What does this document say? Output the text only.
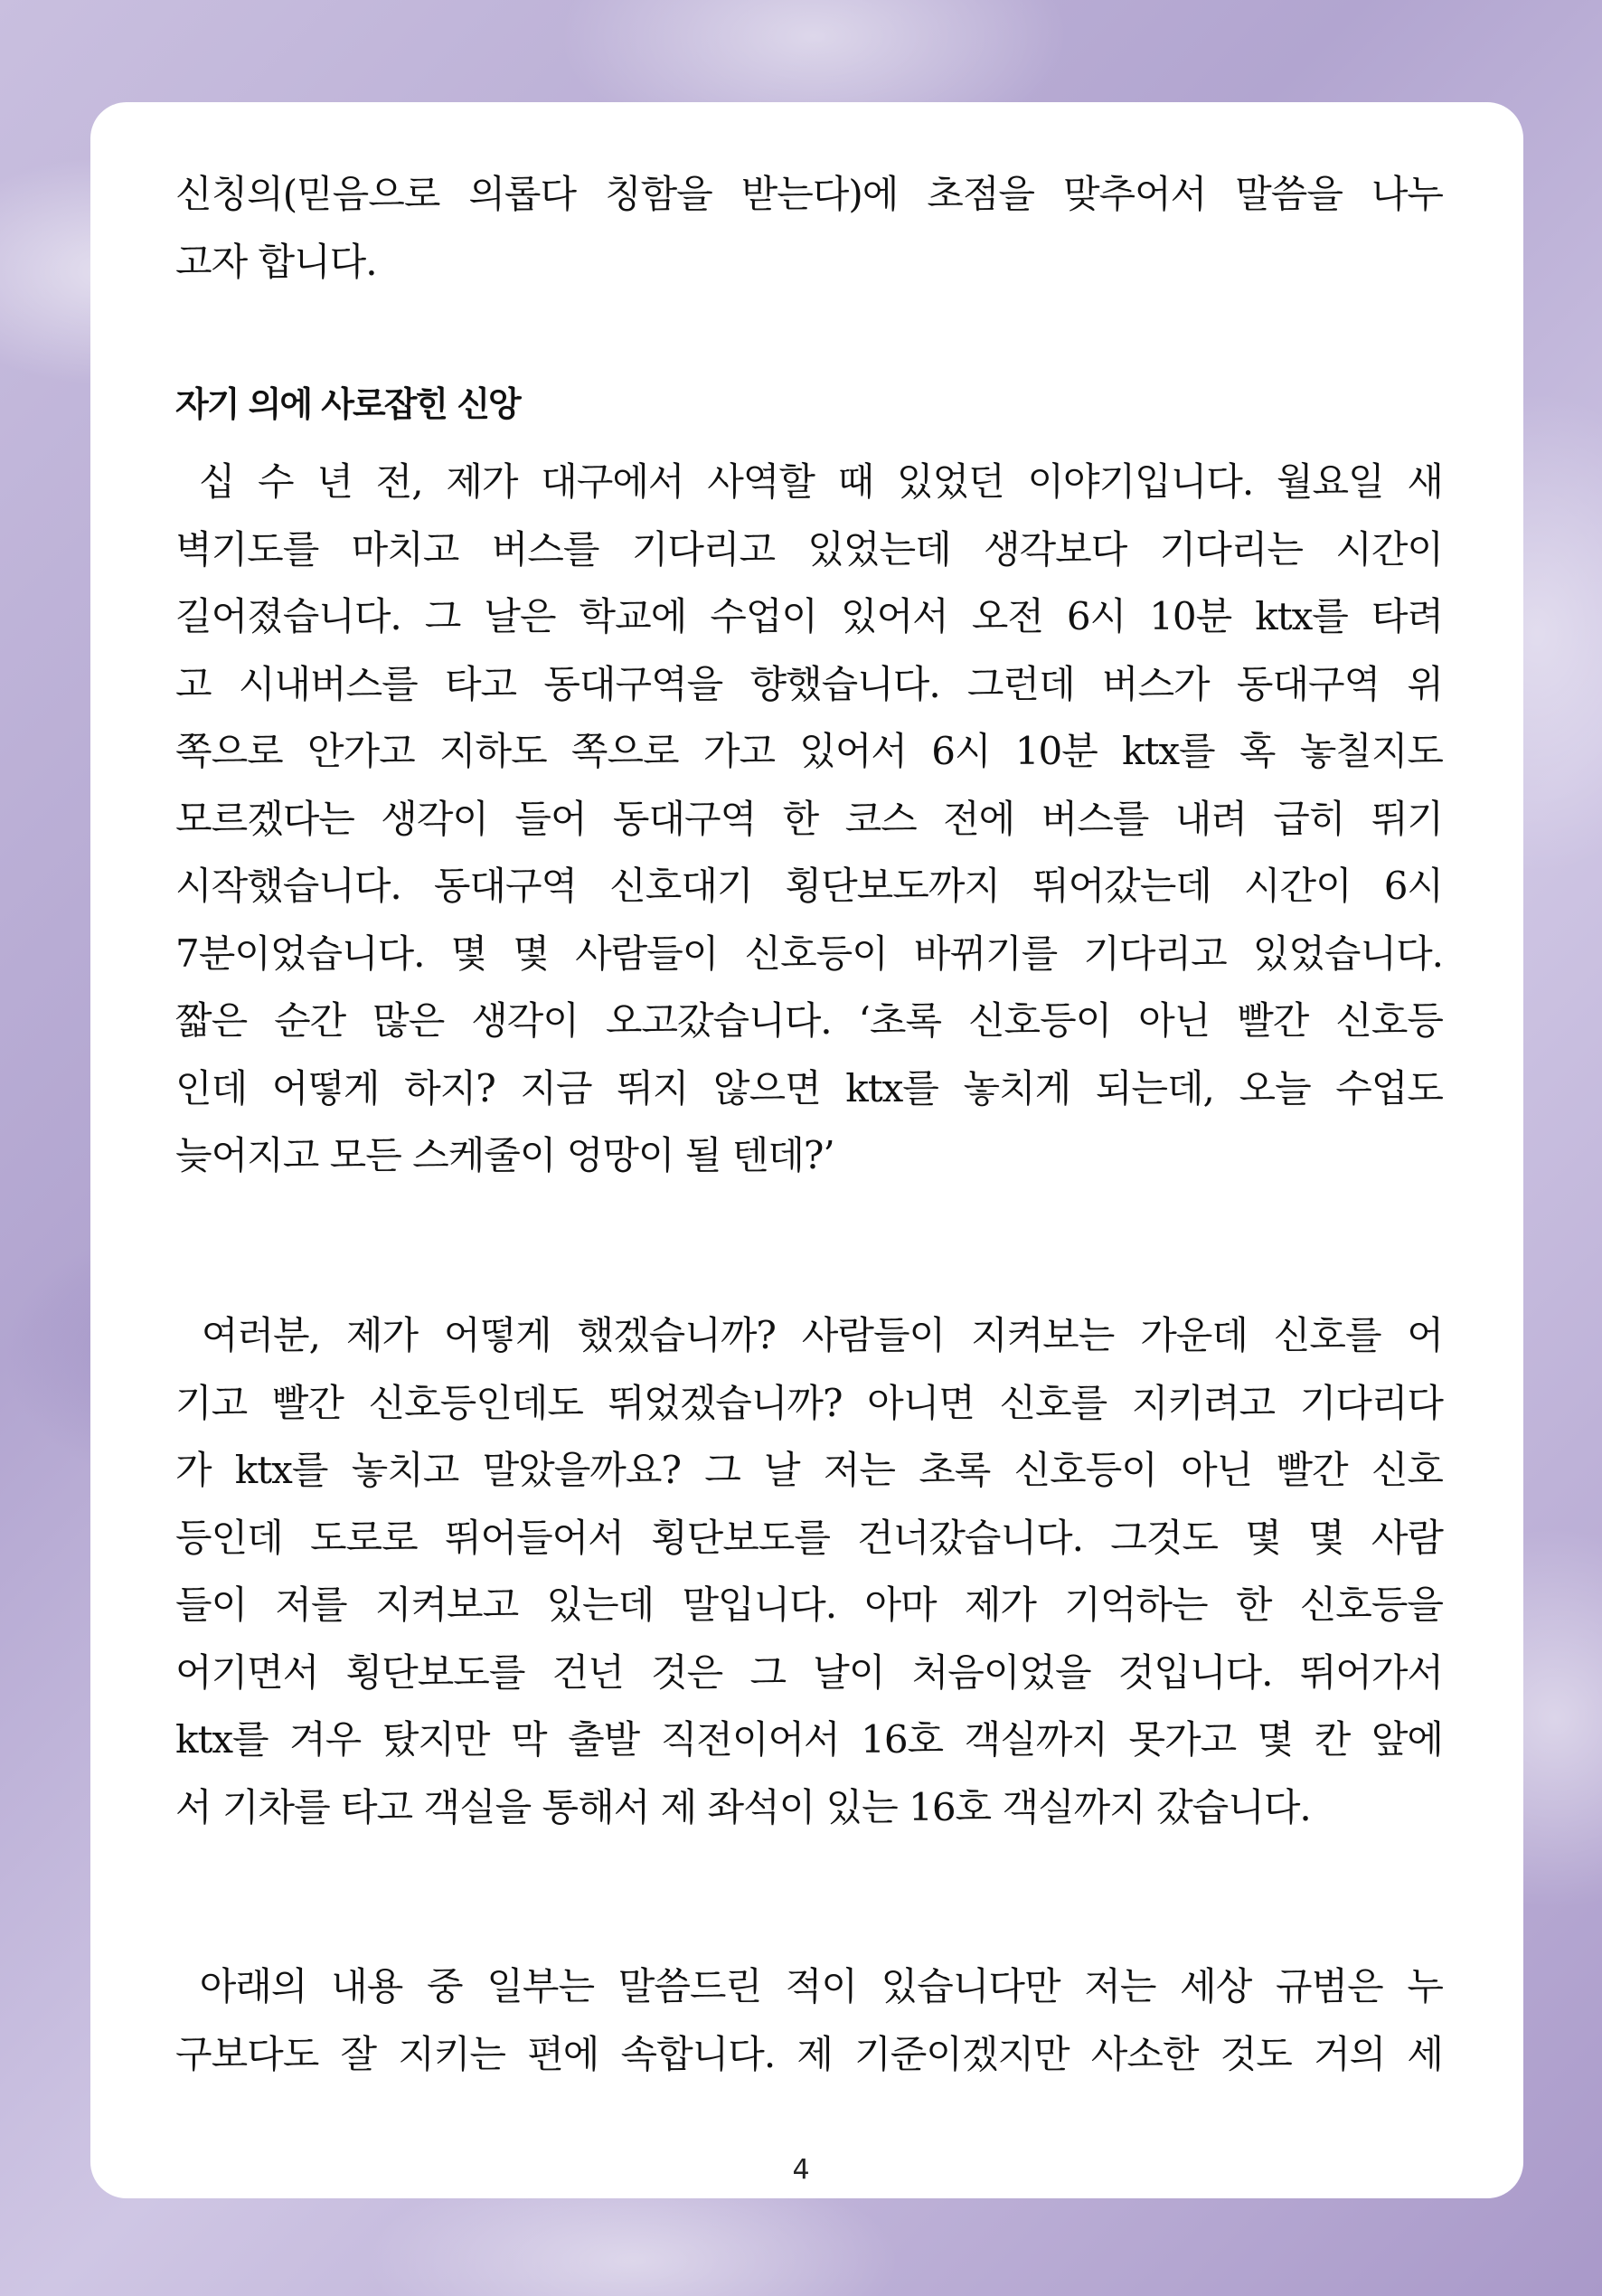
자기 의에 사로잡힌 신앙
신칭의(믿음으로 의롭다 칭함을 받는다)에 초점을 맞추어서 말씀을 나누
고자 합니다.
십 수 년 전, 제가 대구에서 사역할 때 있었던 이야기입니다. 월요일 새
벽기도를 마치고 버스를 기다리고 있었는데 생각보다 기다리는 시간이
길어졌습니다. 그 날은 학교에 수업이 있어서 오전 6시 10분 ktx를 타려
고 시내버스를 타고 동대구역을 향했습니다. 그런데 버스가 동대구역 위
쪽으로 안가고 지하도 쪽으로 가고 있어서 6시 10분 ktx를 혹 놓칠지도
모르겠다는 생각이 들어 동대구역 한 코스 전에 버스를 내려 급히 뛰기
시작했습니다. 동대구역 신호대기 횡단보도까지 뛰어갔는데 시간이 6시
7분이었습니다. 몇 몇 사람들이 신호등이 바뀌기를 기다리고 있었습니다.
짧은 순간 많은 생각이 오고갔습니다. ‘초록 신호등이 아닌 빨간 신호등
인데 어떻게 하지? 지금 뛰지 않으면 ktx를 놓치게 되는데, 오늘 수업도
늦어지고 모든 스케줄이 엉망이 될 텐데?’
여러분, 제가 어떻게 했겠습니까? 사람들이 지켜보는 가운데 신호를 어
기고 빨간 신호등인데도 뛰었겠습니까? 아니면 신호를 지키려고 기다리다
가 ktx를 놓치고 말았을까요? 그 날 저는 초록 신호등이 아닌 빨간 신호
등인데 도로로 뛰어들어서 횡단보도를 건너갔습니다. 그것도 몇 몇 사람
들이 저를 지켜보고 있는데 말입니다. 아마 제가 기억하는 한 신호등을
어기면서 횡단보도를 건넌 것은 그 날이 처음이었을 것입니다. 뛰어가서
ktx를 겨우 탔지만 막 출발 직전이어서 16호 객실까지 못가고 몇 칸 앞에
서 기차를 타고 객실을 통해서 제 좌석이 있는 16호 객실까지 갔습니다.
아래의 내용 중 일부는 말씀드린 적이 있습니다만 저는 세상 규범은 누
구보다도 잘 지키는 편에 속합니다. 제 기준이겠지만 사소한 것도 거의 세
4
